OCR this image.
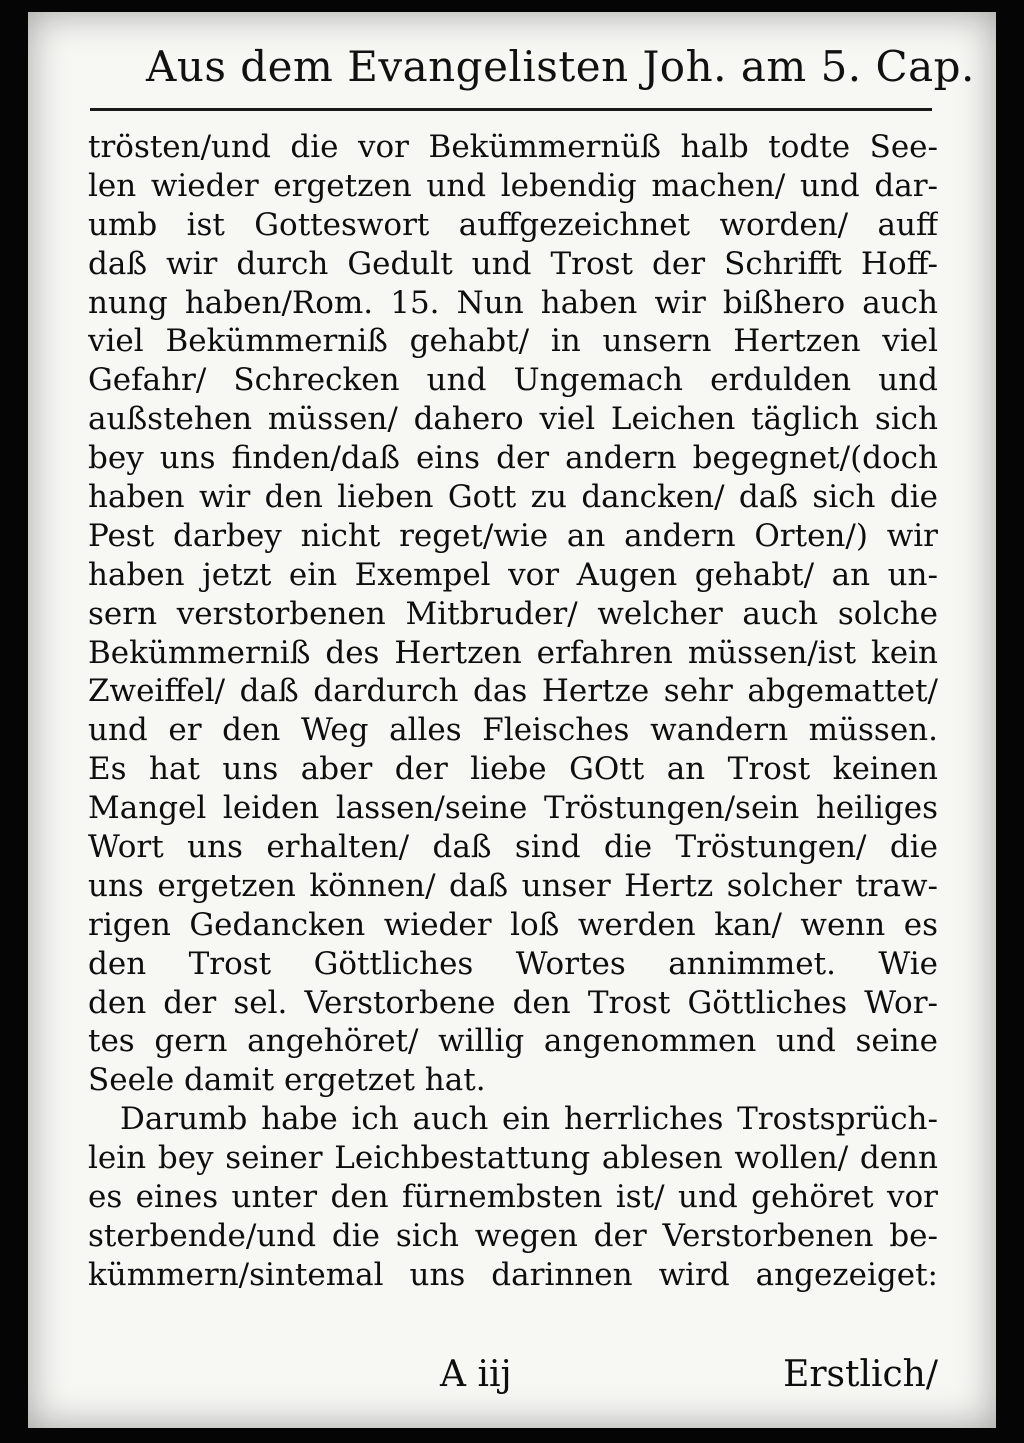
Aus dem Evangelisten Joh. am 5. Cap.
trösten/und die vor Bekümmernüß halb todte See-
len wieder ergetzen und lebendig machen/ und dar-
umb ist Gotteswort auffgezeichnet worden/ auff
daß wir durch Gedult und Trost der Schrifft Hoff-
nung haben/Rom. 15. Nun haben wir bißhero auch
viel Bekümmerniß gehabt/ in unsern Hertzen viel
Gefahr/ Schrecken und Ungemach erdulden und
außstehen müssen/ dahero viel Leichen täglich sich
bey uns finden/daß eins der andern begegnet/(doch
haben wir den lieben Gott zu dancken/ daß sich die
Pest darbey nicht reget/wie an andern Orten/) wir
haben jetzt ein Exempel vor Augen gehabt/ an un-
sern verstorbenen Mitbruder/ welcher auch solche
Bekümmerniß des Hertzen erfahren müssen/ist kein
Zweiffel/ daß dardurch das Hertze sehr abgemattet/
und er den Weg alles Fleisches wandern müssen.
Es hat uns aber der liebe GOtt an Trost keinen
Mangel leiden lassen/seine Tröstungen/sein heiliges
Wort uns erhalten/ daß sind die Tröstungen/ die
uns ergetzen können/ daß unser Hertz solcher traw-
rigen Gedancken wieder loß werden kan/ wenn es
den Trost Göttliches Wortes annimmet. Wie
den der sel. Verstorbene den Trost Göttliches Wor-
tes gern angehöret/ willig angenommen und seine
Seele damit ergetzet hat.
Darumb habe ich auch ein herrliches Trostsprüch-
lein bey seiner Leichbestattung ablesen wollen/ denn
es eines unter den fürnembsten ist/ und gehöret vor
sterbende/und die sich wegen der Verstorbenen be-
kümmern/sintemal uns darinnen wird angezeiget:
A iij	Erstlich/
